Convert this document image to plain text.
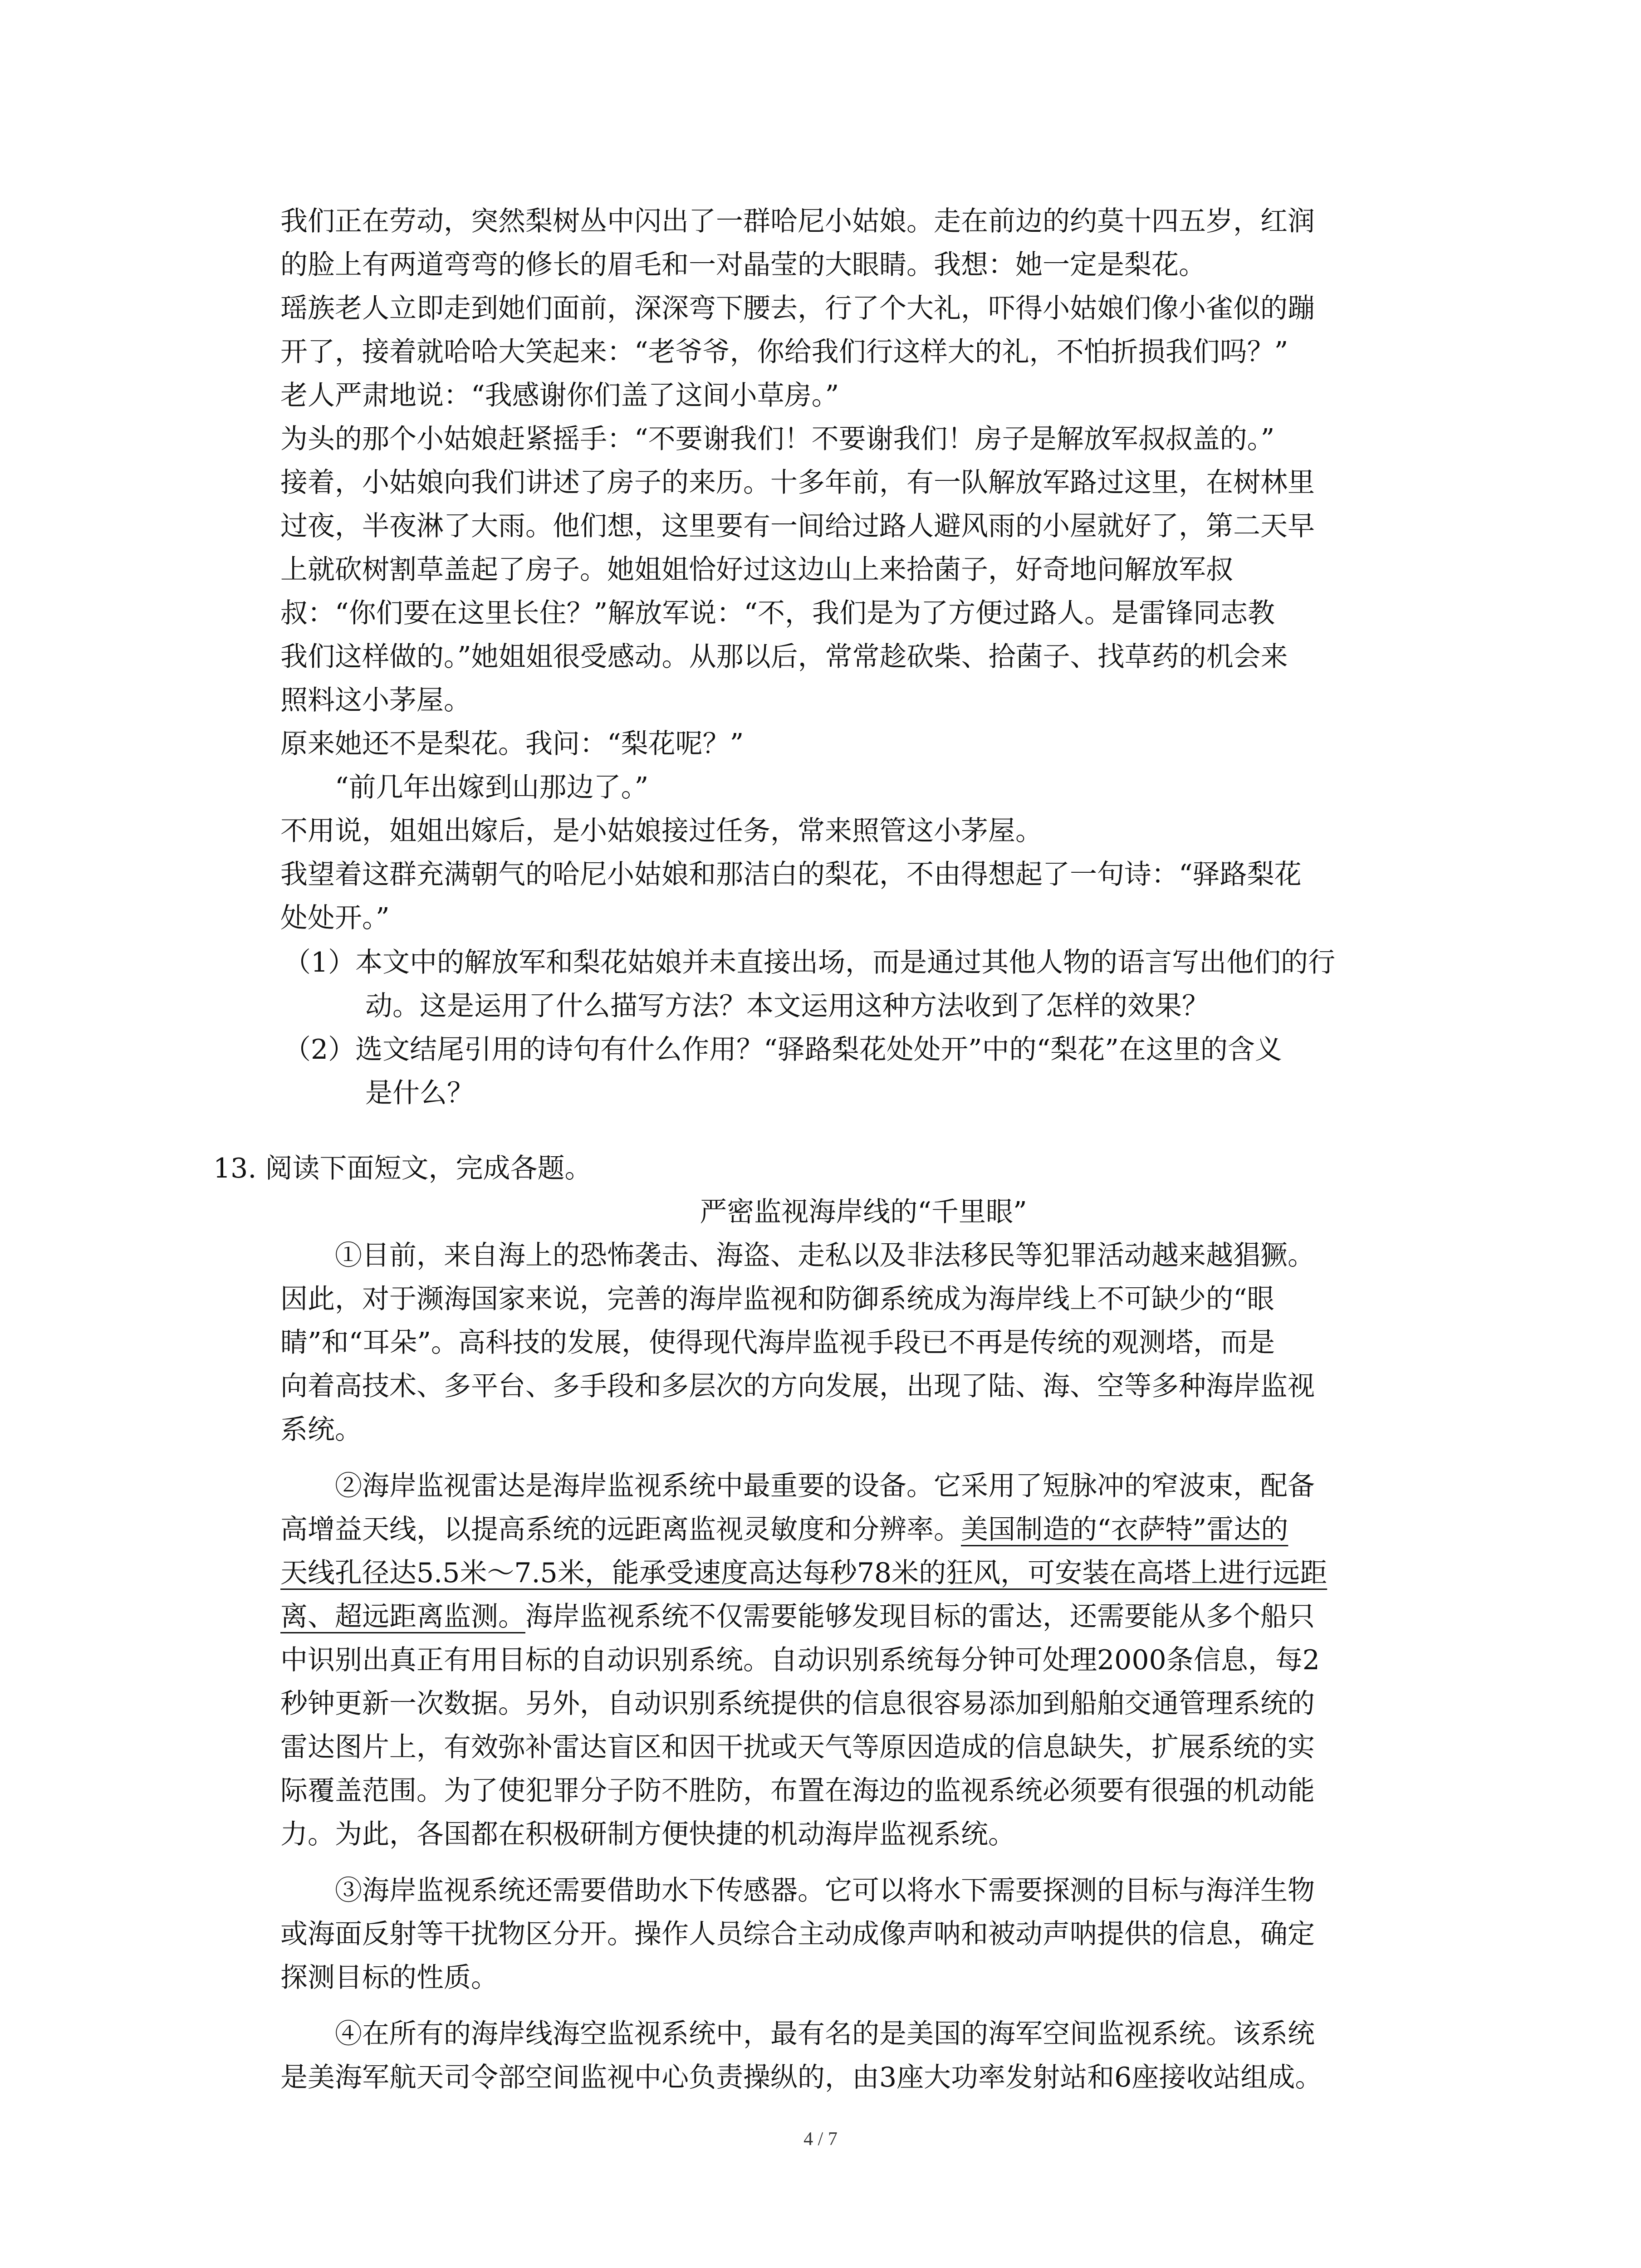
我们正在劳动，突然梨树丛中闪出了一群哈尼小姑娘。走在前边的约莫十四五岁，红润
的脸上有两道弯弯的修长的眉毛和一对晶莹的大眼睛。我想：她一定是梨花。
瑶族老人立即走到她们面前，深深弯下腰去，行了个大礼，吓得小姑娘们像小雀似的蹦
开了，接着就哈哈大笑起来：“老爷爷，你给我们行这样大的礼，不怕折损我们吗？”
老人严肃地说：“我感谢你们盖了这间小草房。”
为头的那个小姑娘赶紧摇手：“不要谢我们！不要谢我们！房子是解放军叔叔盖的。”
接着，小姑娘向我们讲述了房子的来历。十多年前，有一队解放军路过这里，在树林里
过夜，半夜淋了大雨。他们想，这里要有一间给过路人避风雨的小屋就好了，第二天早
上就砍树割草盖起了房子。她姐姐恰好过这边山上来拾菌子，好奇地问解放军叔
叔：“你们要在这里长住？”解放军说：“不，我们是为了方便过路人。是雷锋同志教
我们这样做的。”她姐姐很受感动。从那以后，常常趁砍柴、拾菌子、找草药的机会来
照料这小茅屋。
原来她还不是梨花。我问：“梨花呢？”
　　“前几年出嫁到山那边了。”
不用说，姐姐出嫁后，是小姑娘接过任务，常来照管这小茅屋。
我望着这群充满朝气的哈尼小姑娘和那洁白的梨花，不由得想起了一句诗：“驿路梨花
处处开。”
（1）本文中的解放军和梨花姑娘并未直接出场，而是通过其他人物的语言写出他们的行
　　　动。这是运用了什么描写方法？本文运用这种方法收到了怎样的效果？
（2）选文结尾引用的诗句有什么作用？“驿路梨花处处开”中的“梨花”在这里的含义
　　　是什么？
13. 阅读下面短文，完成各题。
严密监视海岸线的“千里眼”
　　①目前，来自海上的恐怖袭击、海盗、走私以及非法移民等犯罪活动越来越猖獗。
因此，对于濒海国家来说，完善的海岸监视和防御系统成为海岸线上不可缺少的“眼
睛”和“耳朵”。高科技的发展，使得现代海岸监视手段已不再是传统的观测塔，而是
向着高技术、多平台、多手段和多层次的方向发展，出现了陆、海、空等多种海岸监视
系统。
　　②海岸监视雷达是海岸监视系统中最重要的设备。它采用了短脉冲的窄波束，配备
高增益天线，以提高系统的远距离监视灵敏度和分辨率。美国制造的“衣萨特”雷达的
天线孔径达5.5米～7.5米，能承受速度高达每秒78米的狂风，可安装在高塔上进行远距
离、超远距离监测。海岸监视系统不仅需要能够发现目标的雷达，还需要能从多个船只
中识别出真正有用目标的自动识别系统。自动识别系统每分钟可处理2000条信息，每2
秒钟更新一次数据。另外，自动识别系统提供的信息很容易添加到船舶交通管理系统的
雷达图片上，有效弥补雷达盲区和因干扰或天气等原因造成的信息缺失，扩展系统的实
际覆盖范围。为了使犯罪分子防不胜防，布置在海边的监视系统必须要有很强的机动能
力。为此，各国都在积极研制方便快捷的机动海岸监视系统。
　　③海岸监视系统还需要借助水下传感器。它可以将水下需要探测的目标与海洋生物
或海面反射等干扰物区分开。操作人员综合主动成像声呐和被动声呐提供的信息，确定
探测目标的性质。
　　④在所有的海岸线海空监视系统中，最有名的是美国的海军空间监视系统。该系统
是美海军航天司令部空间监视中心负责操纵的，由3座大功率发射站和6座接收站组成。
4 / 7
